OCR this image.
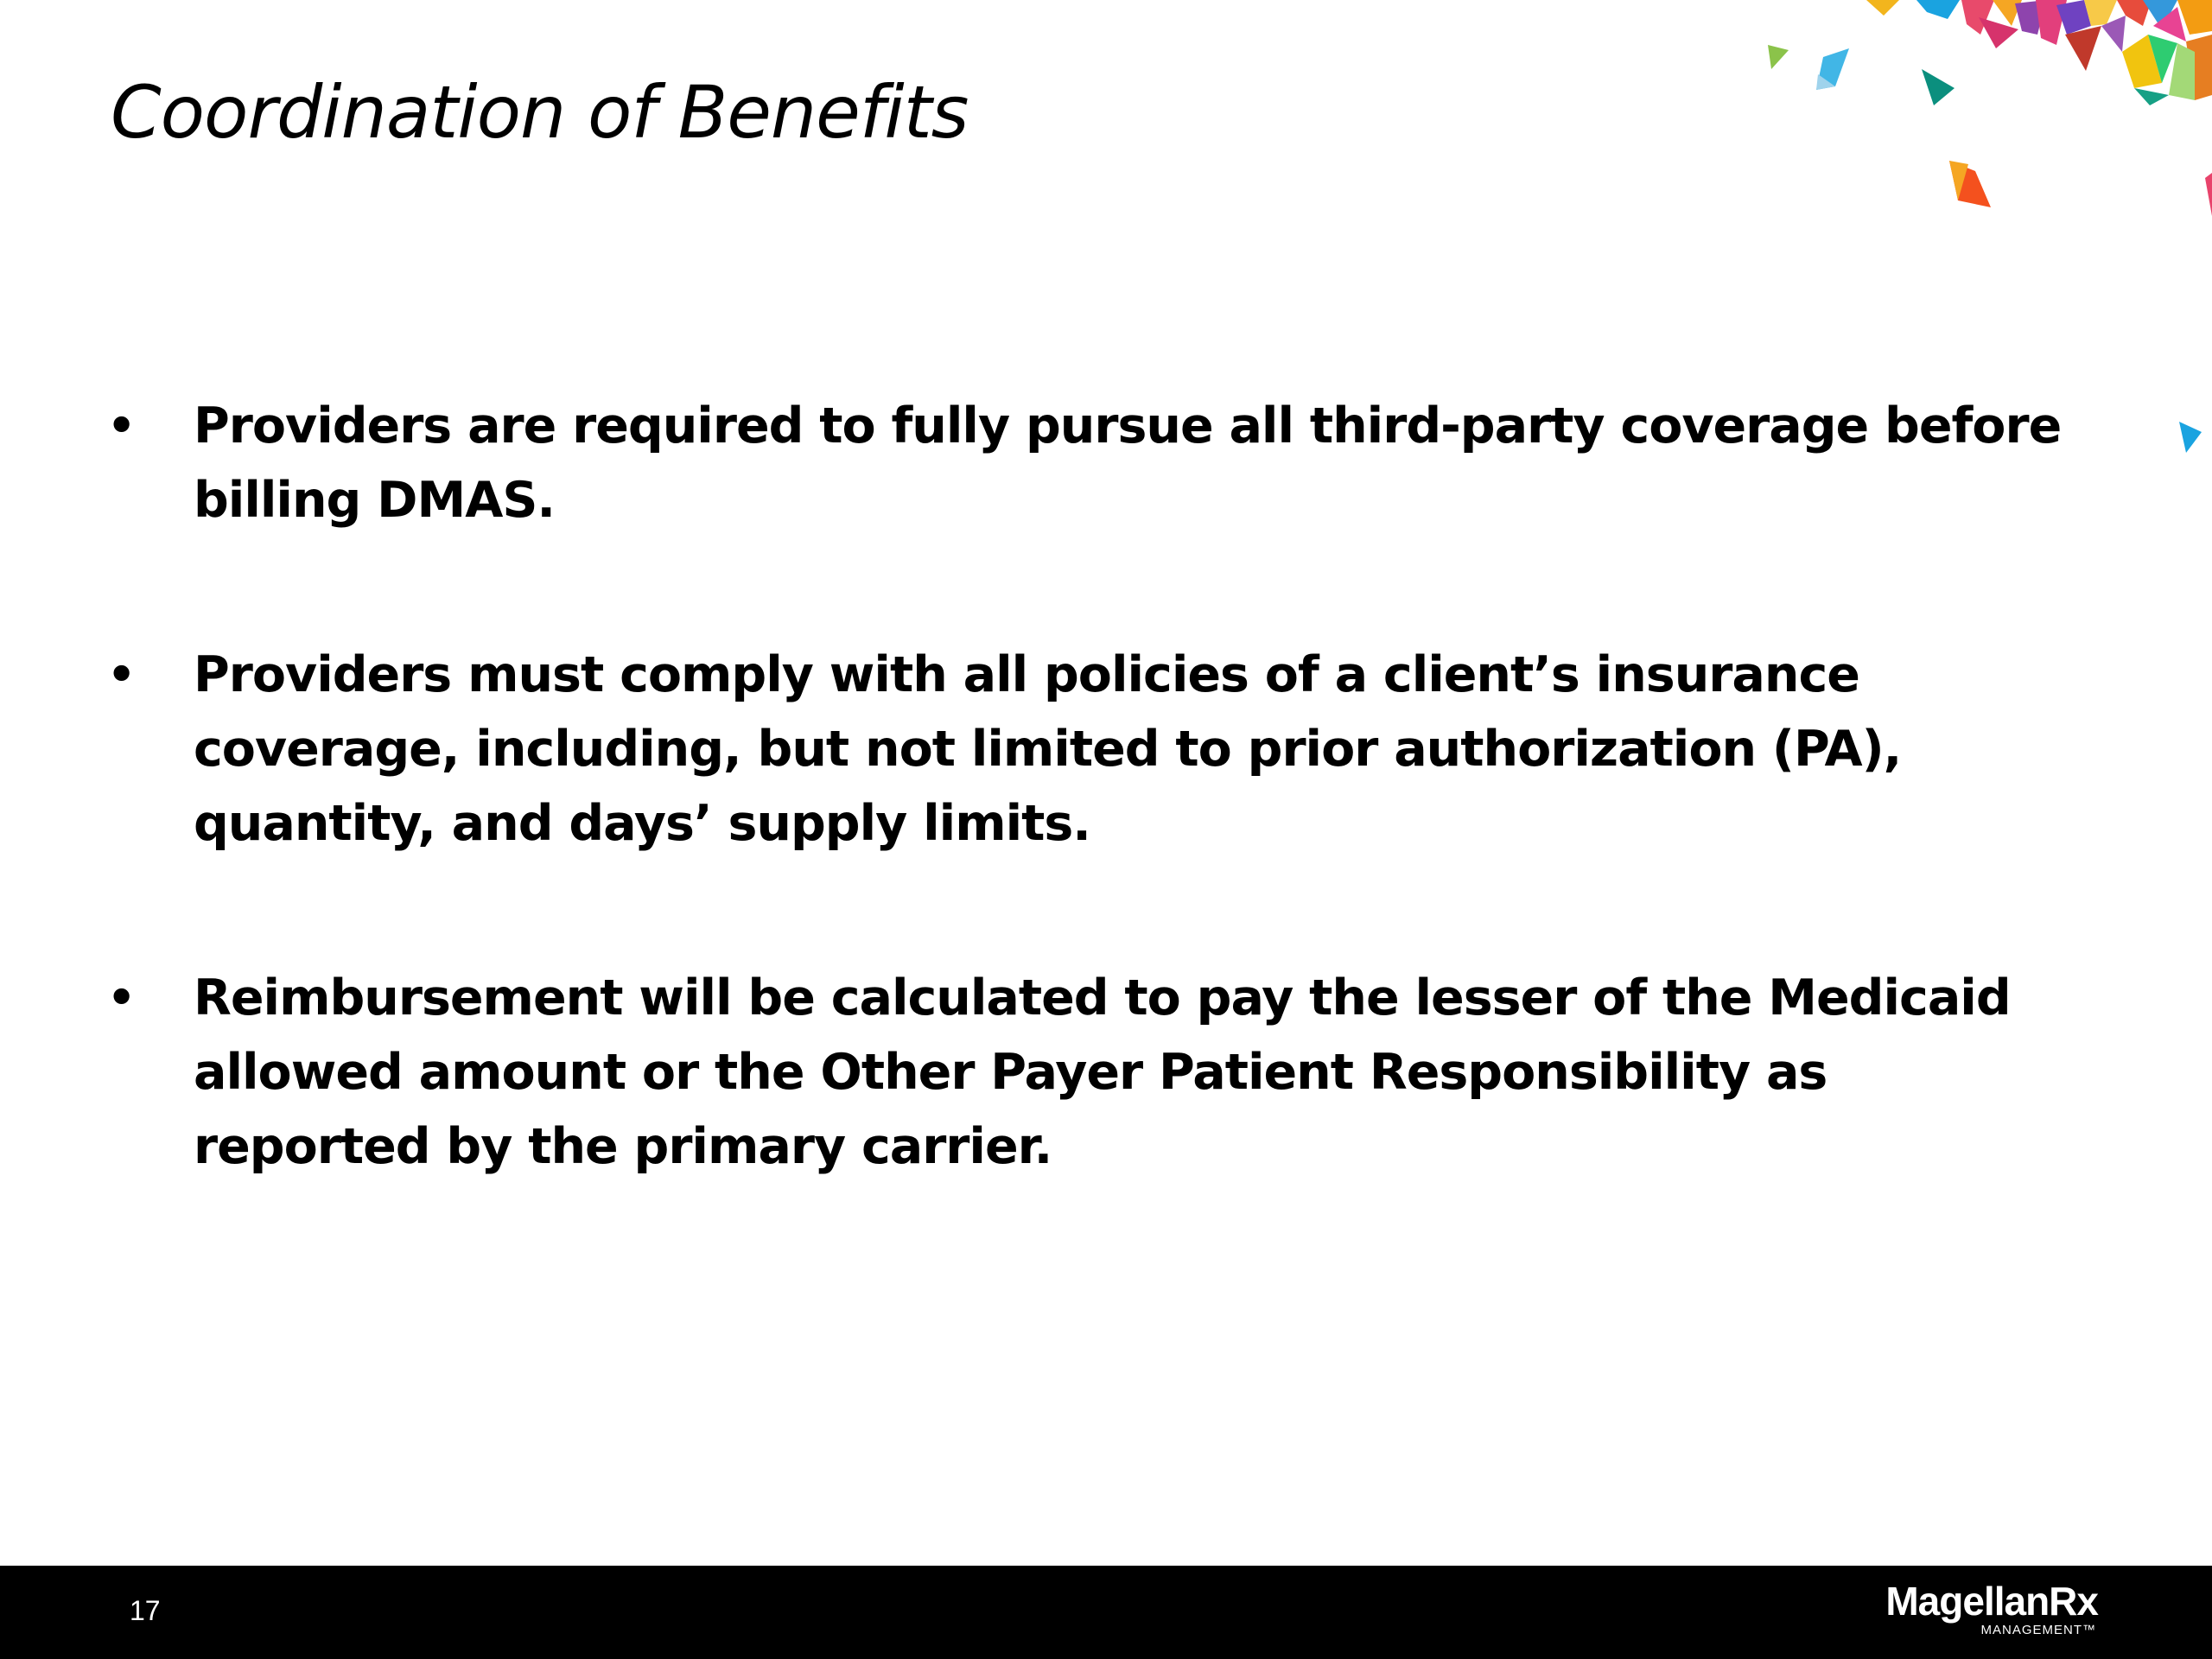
Coordination of Benefits
• Providers are required to fully pursue all third-party coverage before billing DMAS.
• Providers must comply with all policies of a client’s insurance coverage, including, but not limited to prior authorization (PA), quantity, and days’ supply limits.
• Reimbursement will be calculated to pay the lesser of the Medicaid allowed amount or the Other Payer Patient Responsibility as reported by the primary carrier.
17	MagellanRx
MANAGEMENT™
